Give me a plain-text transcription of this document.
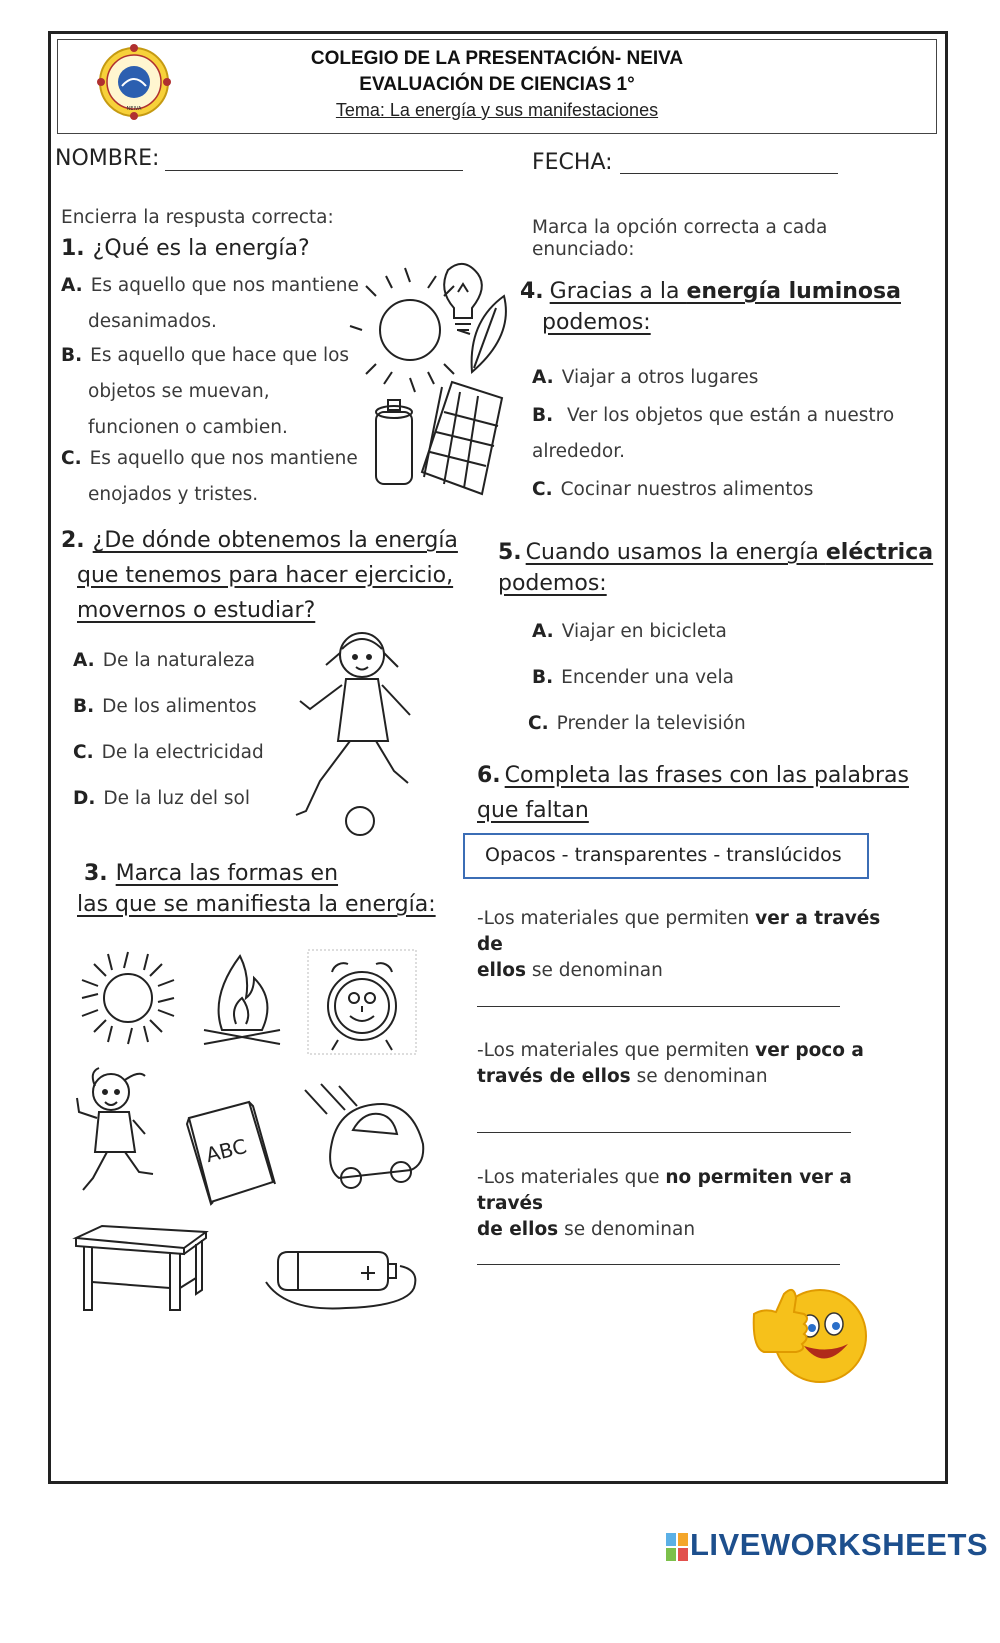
COLEGIO DE LA PRESENTACIÓN- NEIVA
EVALUACIÓN DE CIENCIAS 1°
Tema: La energía y sus manifestaciones
NEIVA
NOMBRE:	FECHA:
Encierra la respusta correcta:
1. ¿Qué es la energía?
A. Es aquello que nos mantiene
desanimados.
B. Es aquello que hace que los
objetos se muevan,
funcionen o cambien.
C. Es aquello que nos mantiene
enojados y tristes.
2. ¿De dónde obtenemos la energía
que tenemos para hacer ejercicio,
movernos o estudiar?
A. De la naturaleza
B. De los alimentos
C. De la electricidad
D. De la luz del sol
3. Marca las formas en
las que se manifiesta la energía:
ABC
Marca la opción correcta a cada
enunciado:
4. Gracias a la energía luminosa
podemos:
A. Viajar a otros lugares
B. Ver los objetos que están a nuestro
alrededor.
C. Cocinar nuestros alimentos
5. Cuando usamos la energía eléctrica
podemos:
A. Viajar en bicicleta
B. Encender una vela
C. Prender la televisión
6. Completa las frases con las palabras
que faltan
Opacos - transparentes - translúcidos
-Los materiales que permiten ver a través de
ellos se denominan
-Los materiales que permiten ver poco a
través de ellos se denominan
-Los materiales que no permiten ver a través
de ellos se denominan
LIVEWORKSHEETS
